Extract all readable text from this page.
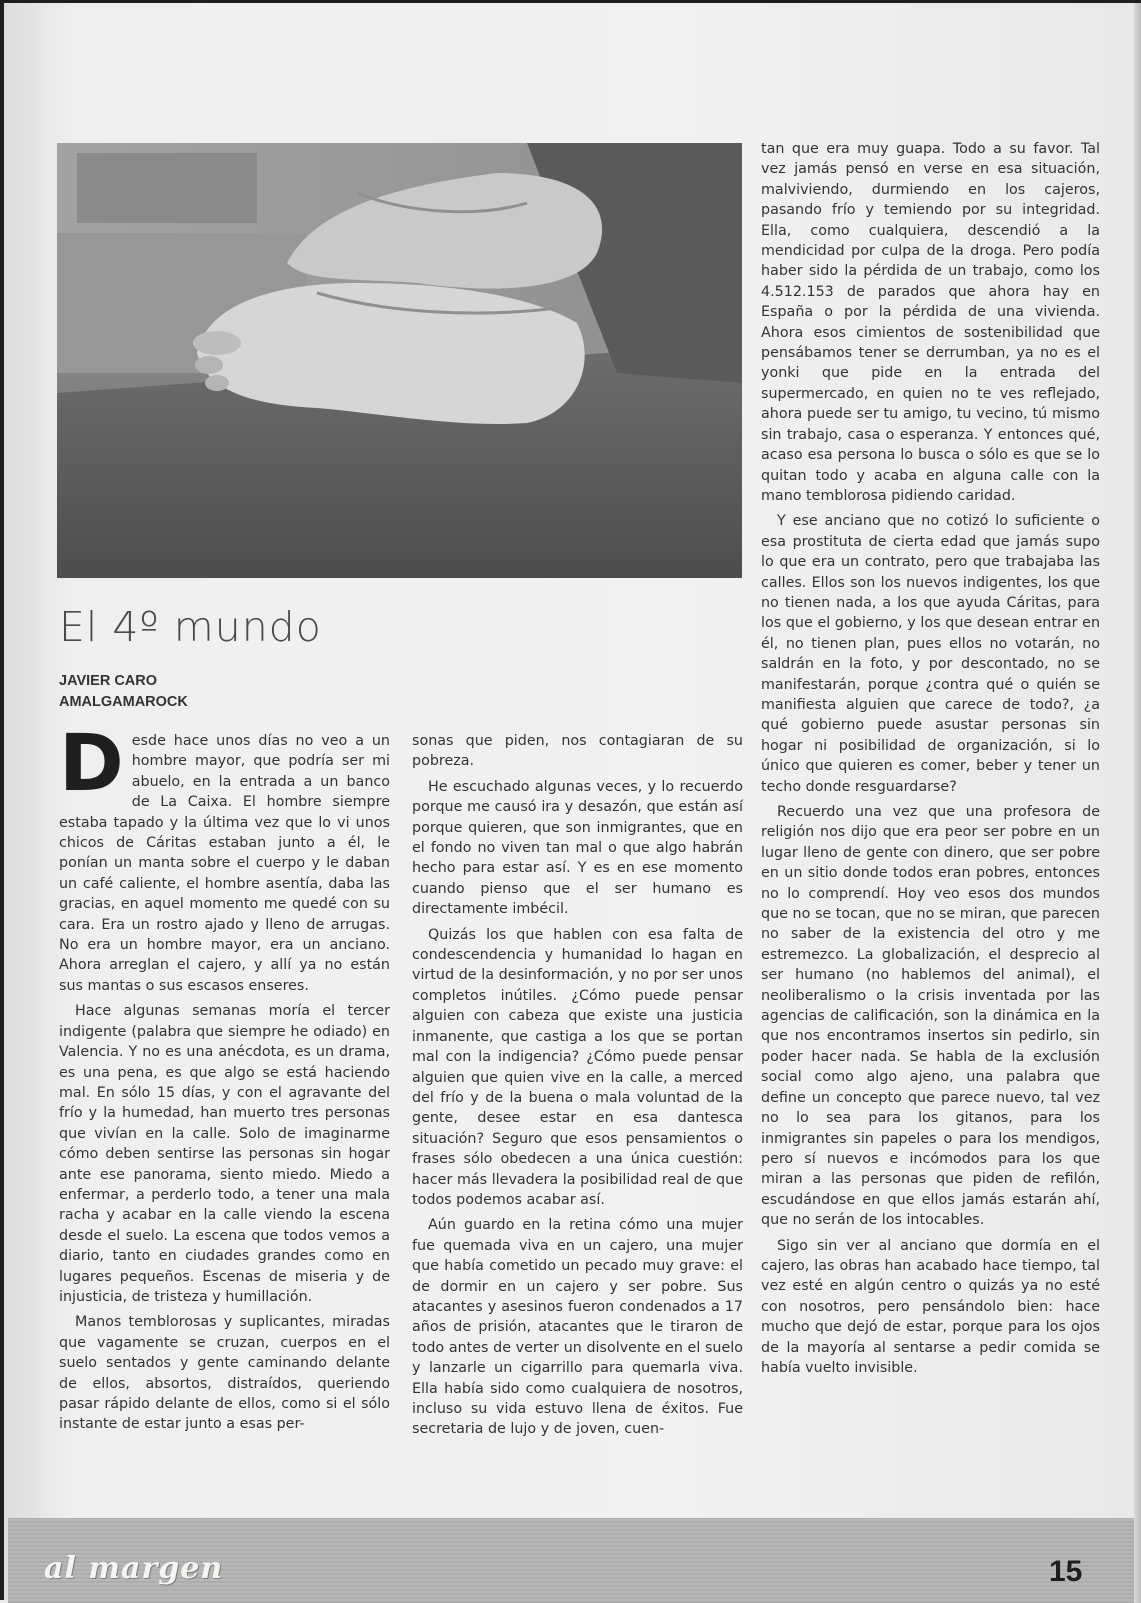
El 4º mundo
JAVIER CARO
AMALGAMAROCK

Desde hace unos días no veo a un hombre mayor, que podría ser mi abuelo, en la entrada a un banco de La Caixa. El hombre siempre estaba tapado y la última vez que lo vi unos chicos de Cáritas estaban junto a él, le ponían un manta sobre el cuerpo y le daban un café caliente, el hombre asentía, daba las gracias, en aquel momento me quedé con su cara. Era un rostro ajado y lleno de arrugas. No era un hombre mayor, era un anciano. Ahora arreglan el cajero, y allí ya no están sus mantas o sus escasos enseres.

Hace algunas semanas moría el tercer indigente (palabra que siempre he odiado) en Valencia. Y no es una anécdota, es un drama, es una pena, es que algo se está haciendo mal. En sólo 15 días, y con el agravante del frío y la humedad, han muerto tres personas que vivían en la calle. Solo de imaginarme cómo deben sentirse las personas sin hogar ante ese panorama, siento miedo. Miedo a enfermar, a perderlo todo, a tener una mala racha y acabar en la calle viendo la escena desde el suelo. La escena que todos vemos a diario, tanto en ciudades grandes como en lugares pequeños. Escenas de miseria y de injusticia, de tristeza y humillación.

Manos temblorosas y suplicantes, miradas que vagamente se cruzan, cuerpos en el suelo sentados y gente caminando delante de ellos, absortos, distraídos, queriendo pasar rápido delante de ellos, como si el sólo instante de estar junto a esas per-

sonas que piden, nos contagiaran de su pobreza.

He escuchado algunas veces, y lo recuerdo porque me causó ira y desazón, que están así porque quieren, que son inmigrantes, que en el fondo no viven tan mal o que algo habrán hecho para estar así. Y es en ese momento cuando pienso que el ser humano es directamente imbécil.

Quizás los que hablen con esa falta de condescendencia y humanidad lo hagan en virtud de la desinformación, y no por ser unos completos inútiles. ¿Cómo puede pensar alguien con cabeza que existe una justicia inmanente, que castiga a los que se portan mal con la indigencia? ¿Cómo puede pensar alguien que quien vive en la calle, a merced del frío y de la buena o mala voluntad de la gente, desee estar en esa dantesca situación? Seguro que esos pensamientos o frases sólo obedecen a una única cuestión: hacer más llevadera la posibilidad real de que todos podemos acabar así.

Aún guardo en la retina cómo una mujer fue quemada viva en un cajero, una mujer que había cometido un pecado muy grave: el de dormir en un cajero y ser pobre. Sus atacantes y asesinos fueron condenados a 17 años de prisión, atacantes que le tiraron de todo antes de verter un disolvente en el suelo y lanzarle un cigarrillo para quemarla viva. Ella había sido como cualquiera de nosotros, incluso su vida estuvo llena de éxitos. Fue secretaria de lujo y de joven, cuen-

tan que era muy guapa. Todo a su favor. Tal vez jamás pensó en verse en esa situación, malviviendo, durmiendo en los cajeros, pasando frío y temiendo por su integridad. Ella, como cualquiera, descendió a la mendicidad por culpa de la droga. Pero podía haber sido la pérdida de un trabajo, como los 4.512.153 de parados que ahora hay en España o por la pérdida de una vivienda. Ahora esos cimientos de sostenibilidad que pensábamos tener se derrumban, ya no es el yonki que pide en la entrada del supermercado, en quien no te ves reflejado, ahora puede ser tu amigo, tu vecino, tú mismo sin trabajo, casa o esperanza. Y entonces qué, acaso esa persona lo busca o sólo es que se lo quitan todo y acaba en alguna calle con la mano temblorosa pidiendo caridad.

Y ese anciano que no cotizó lo suficiente o esa prostituta de cierta edad que jamás supo lo que era un contrato, pero que trabajaba las calles. Ellos son los nuevos indigentes, los que no tienen nada, a los que ayuda Cáritas, para los que el gobierno, y los que desean entrar en él, no tienen plan, pues ellos no votarán, no saldrán en la foto, y por descontado, no se manifestarán, porque ¿contra qué o quién se manifiesta alguien que carece de todo?, ¿a qué gobierno puede asustar personas sin hogar ni posibilidad de organización, si lo único que quieren es comer, beber y tener un techo donde resguardarse?

Recuerdo una vez que una profesora de religión nos dijo que era peor ser pobre en un lugar lleno de gente con dinero, que ser pobre en un sitio donde todos eran pobres, entonces no lo comprendí. Hoy veo esos dos mundos que no se tocan, que no se miran, que parecen no saber de la existencia del otro y me estremezco. La globalización, el desprecio al ser humano (no hablemos del animal), el neoliberalismo o la crisis inventada por las agencias de calificación, son la dinámica en la que nos encontramos insertos sin pedirlo, sin poder hacer nada. Se habla de la exclusión social como algo ajeno, una palabra que define un concepto que parece nuevo, tal vez no lo sea para los gitanos, para los inmigrantes sin papeles o para los mendigos, pero sí nuevos e incómodos para los que miran a las personas que piden de refilón, escudándose en que ellos jamás estarán ahí, que no serán de los intocables.

Sigo sin ver al anciano que dormía en el cajero, las obras han acabado hace tiempo, tal vez esté en algún centro o quizás ya no esté con nosotros, pero pensándolo bien: hace mucho que dejó de estar, porque para los ojos de la mayoría al sentarse a pedir comida se había vuelto invisible.

al margen	15
